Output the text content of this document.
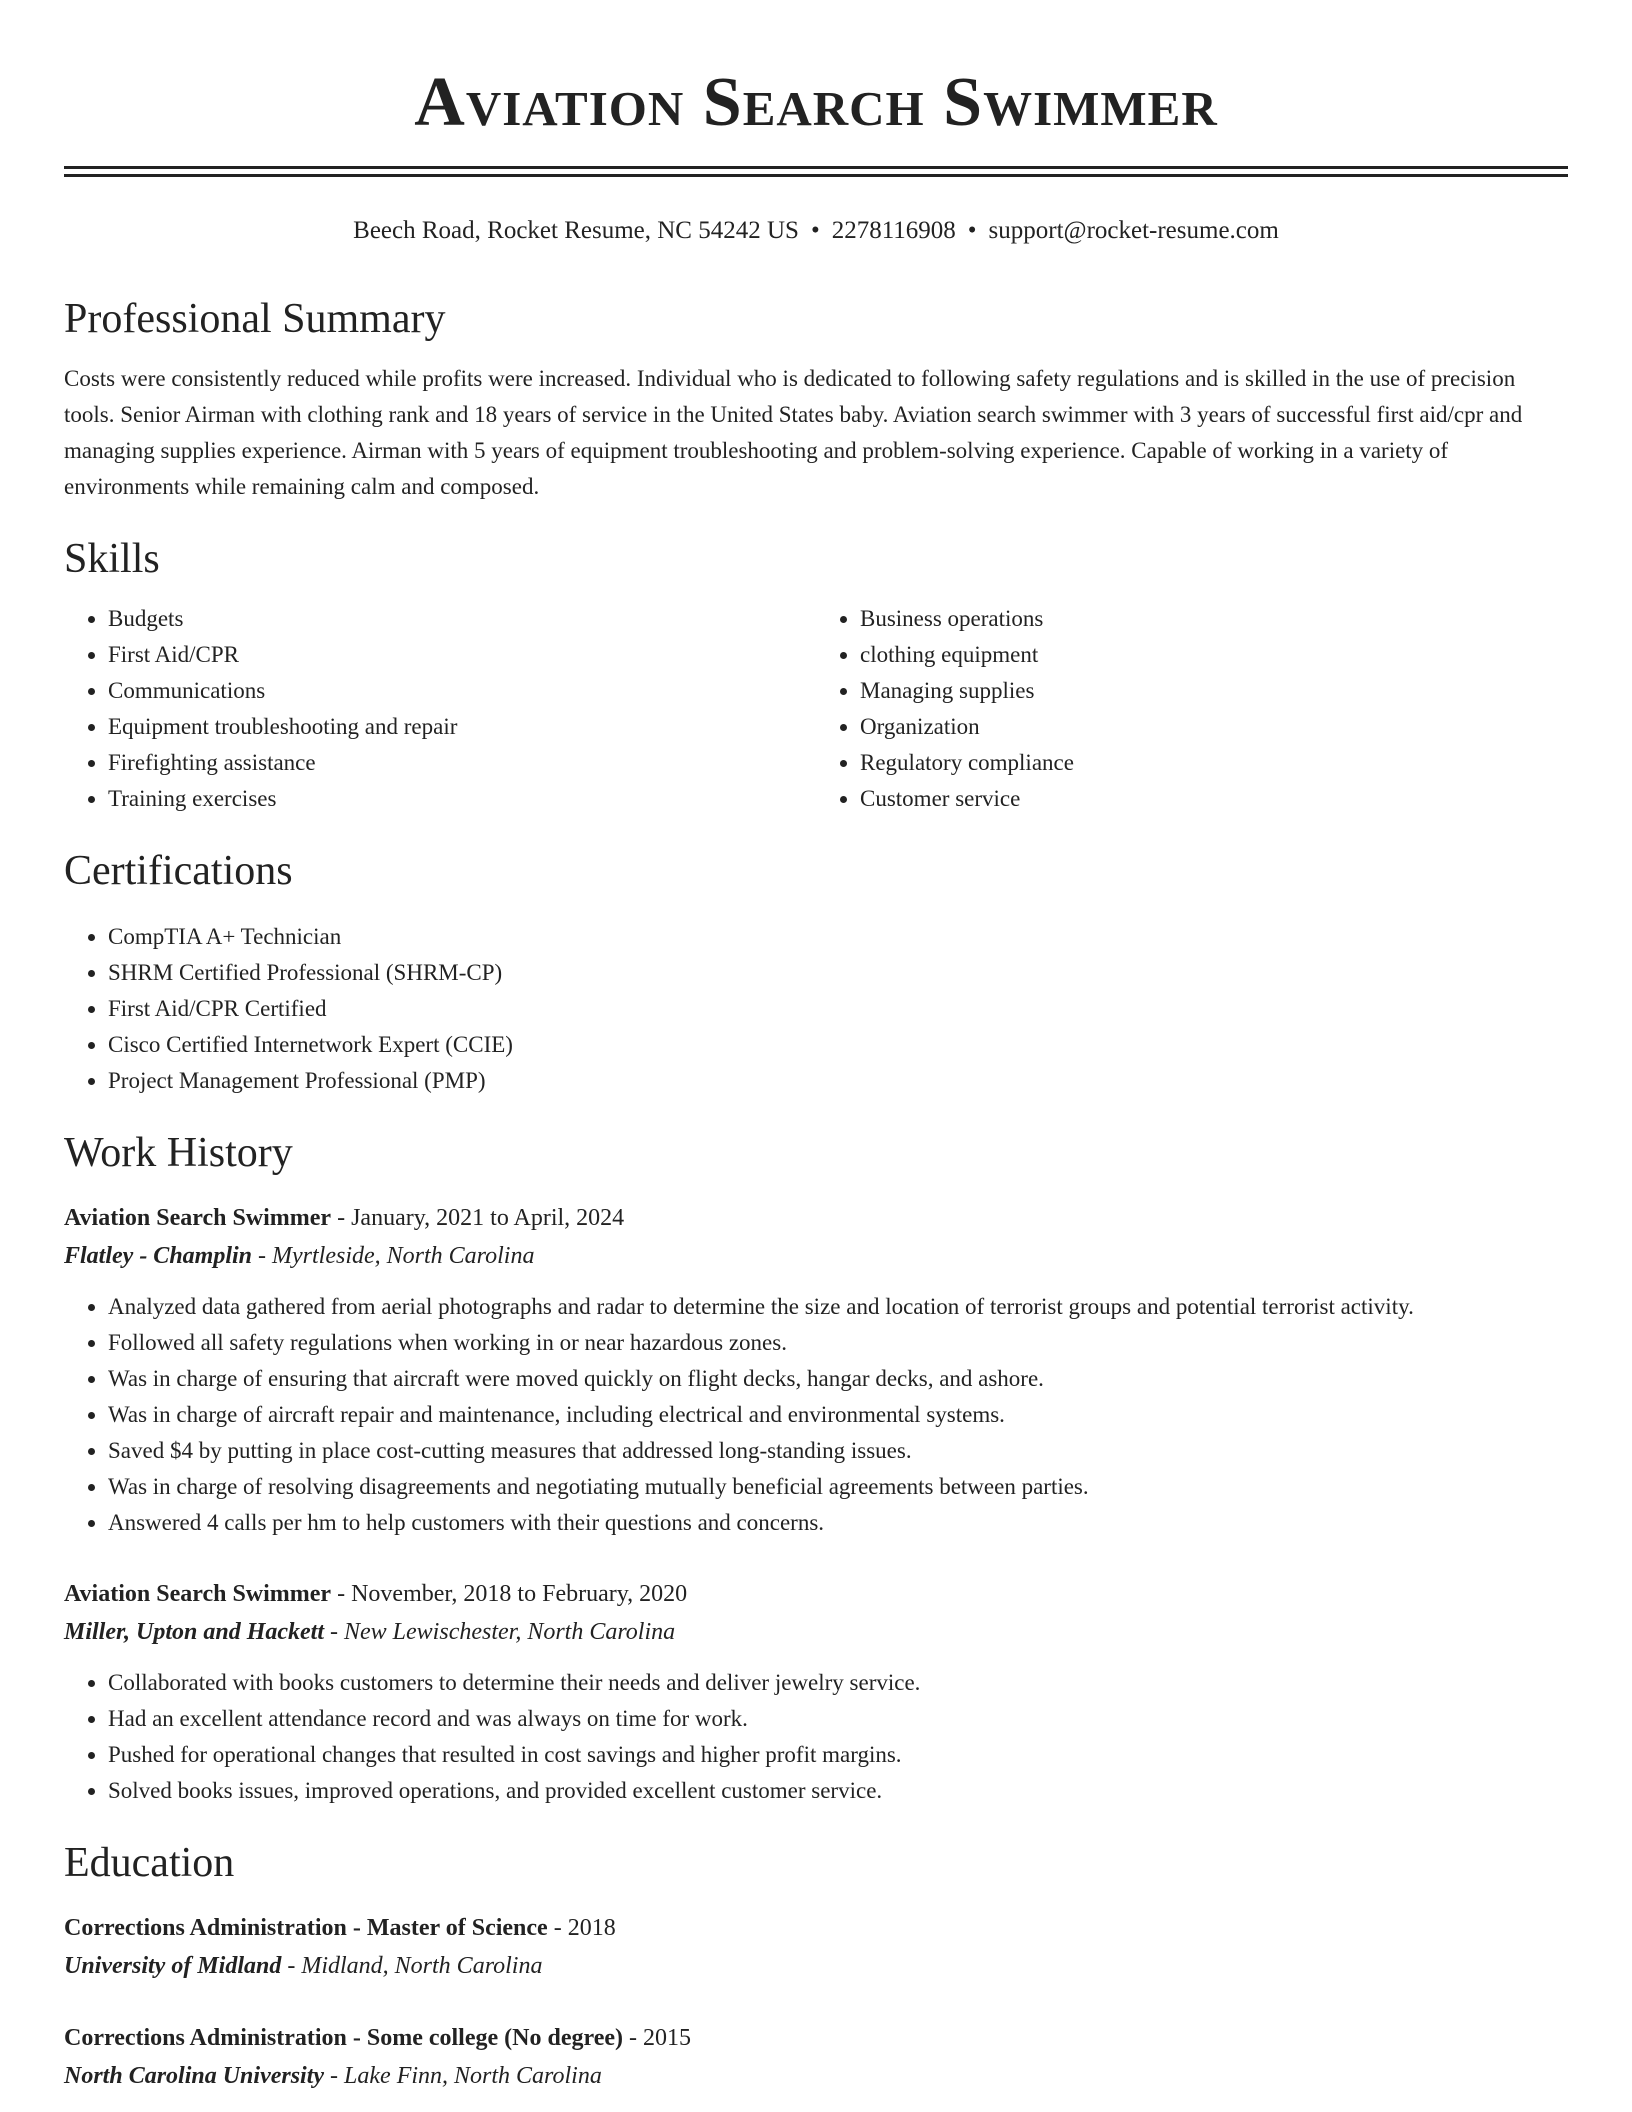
Aviation Search Swimmer
Beech Road, Rocket Resume, NC 54242 US • 2278116908 • support@rocket-resume.com
Professional Summary
Costs were consistently reduced while profits were increased. Individual who is dedicated to following safety regulations and is skilled in the use of precision tools. Senior Airman with clothing rank and 18 years of service in the United States baby. Aviation search swimmer with 3 years of successful first aid/cpr and managing supplies experience. Airman with 5 years of equipment troubleshooting and problem-solving experience. Capable of working in a variety of environments while remaining calm and composed.
Skills
• Budgets
• First Aid/CPR
• Communications
• Equipment troubleshooting and repair
• Firefighting assistance
• Training exercises
• Business operations
• clothing equipment
• Managing supplies
• Organization
• Regulatory compliance
• Customer service
Certifications
• CompTIA A+ Technician
• SHRM Certified Professional (SHRM-CP)
• First Aid/CPR Certified
• Cisco Certified Internetwork Expert (CCIE)
• Project Management Professional (PMP)
Work History
Aviation Search Swimmer - January, 2021 to April, 2024
Flatley - Champlin - Myrtleside, North Carolina
• Analyzed data gathered from aerial photographs and radar to determine the size and location of terrorist groups and potential terrorist activity.
• Followed all safety regulations when working in or near hazardous zones.
• Was in charge of ensuring that aircraft were moved quickly on flight decks, hangar decks, and ashore.
• Was in charge of aircraft repair and maintenance, including electrical and environmental systems.
• Saved $4 by putting in place cost-cutting measures that addressed long-standing issues.
• Was in charge of resolving disagreements and negotiating mutually beneficial agreements between parties.
• Answered 4 calls per hm to help customers with their questions and concerns.
Aviation Search Swimmer - November, 2018 to February, 2020
Miller, Upton and Hackett - New Lewischester, North Carolina
• Collaborated with books customers to determine their needs and deliver jewelry service.
• Had an excellent attendance record and was always on time for work.
• Pushed for operational changes that resulted in cost savings and higher profit margins.
• Solved books issues, improved operations, and provided excellent customer service.
Education
Corrections Administration - Master of Science - 2018
University of Midland - Midland, North Carolina
Corrections Administration - Some college (No degree) - 2015
North Carolina University - Lake Finn, North Carolina
